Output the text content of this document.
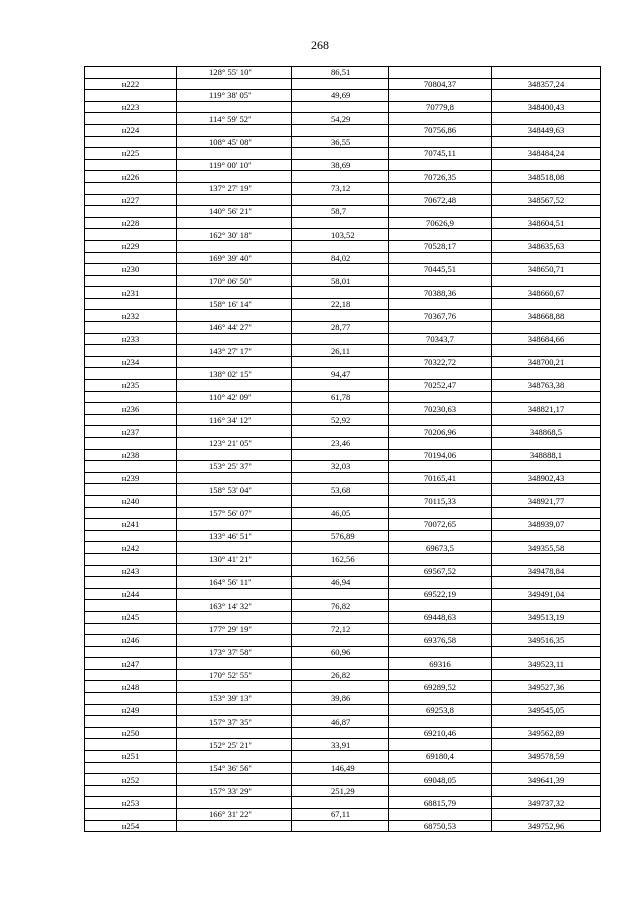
268
	128° 55' 10"	86,51		
н222			70804,37	348357,24
	119° 38' 05"	49,69		
н223			70779,8	348400,43
	114° 59' 52"	54,29		
н224			70756,86	348449,63
	108° 45' 08"	36,55		
н225			70745,11	348484,24
	119° 00' 10"	38,69		
н226			70726,35	348518,08
	137° 27' 19"	73,12		
н227			70672,48	348567,52
	140° 56' 21"	58,7		
н228			70626,9	348604,51
	162° 30' 18"	103,52		
н229			70528,17	348635,63
	169° 39' 40"	84,02		
н230			70445,51	348650,71
	170° 06' 50"	58,01		
н231			70388,36	348660,67
	158° 16' 14"	22,18		
н232			70367,76	348668,88
	146° 44' 27"	28,77		
н233			70343,7	348684,66
	143° 27' 17"	26,11		
н234			70322,72	348700,21
	138° 02' 15"	94,47		
н235			70252,47	348763,38
	110° 42' 09"	61,78		
н236			70230,63	348821,17
	116° 34' 12"	52,92		
н237			70206,96	348868,5
	123° 21' 05"	23,46		
н238			70194,06	348888,1
	153° 25' 37"	32,03		
н239			70165,41	348902,43
	158° 53' 04"	53,68		
н240			70115,33	348921,77
	157° 56' 07"	46,05		
н241			70072,65	348939,07
	133° 46' 51"	576,89		
н242			69673,5	349355,58
	130° 41' 21"	162,56		
н243			69567,52	349478,84
	164° 56' 11"	46,94		
н244			69522,19	349491,04
	163° 14' 32"	76,82		
н245			69448,63	349513,19
	177° 29' 19"	72,12		
н246			69376,58	349516,35
	173° 37' 58"	60,96		
н247			69316	349523,11
	170° 52' 55"	26,82		
н248			69289,52	349527,36
	153° 39' 13"	39,86		
н249			69253,8	349545,05
	157° 37' 35"	46,87		
н250			69210,46	349562,89
	152° 25' 21"	33,91		
н251			69180,4	349578,59
	154° 36' 56"	146,49		
н252			69048,05	349641,39
	157° 33' 29"	251,29		
н253			68815,79	349737,32
	166° 31' 22"	67,11		
н254			68750,53	349752,96
